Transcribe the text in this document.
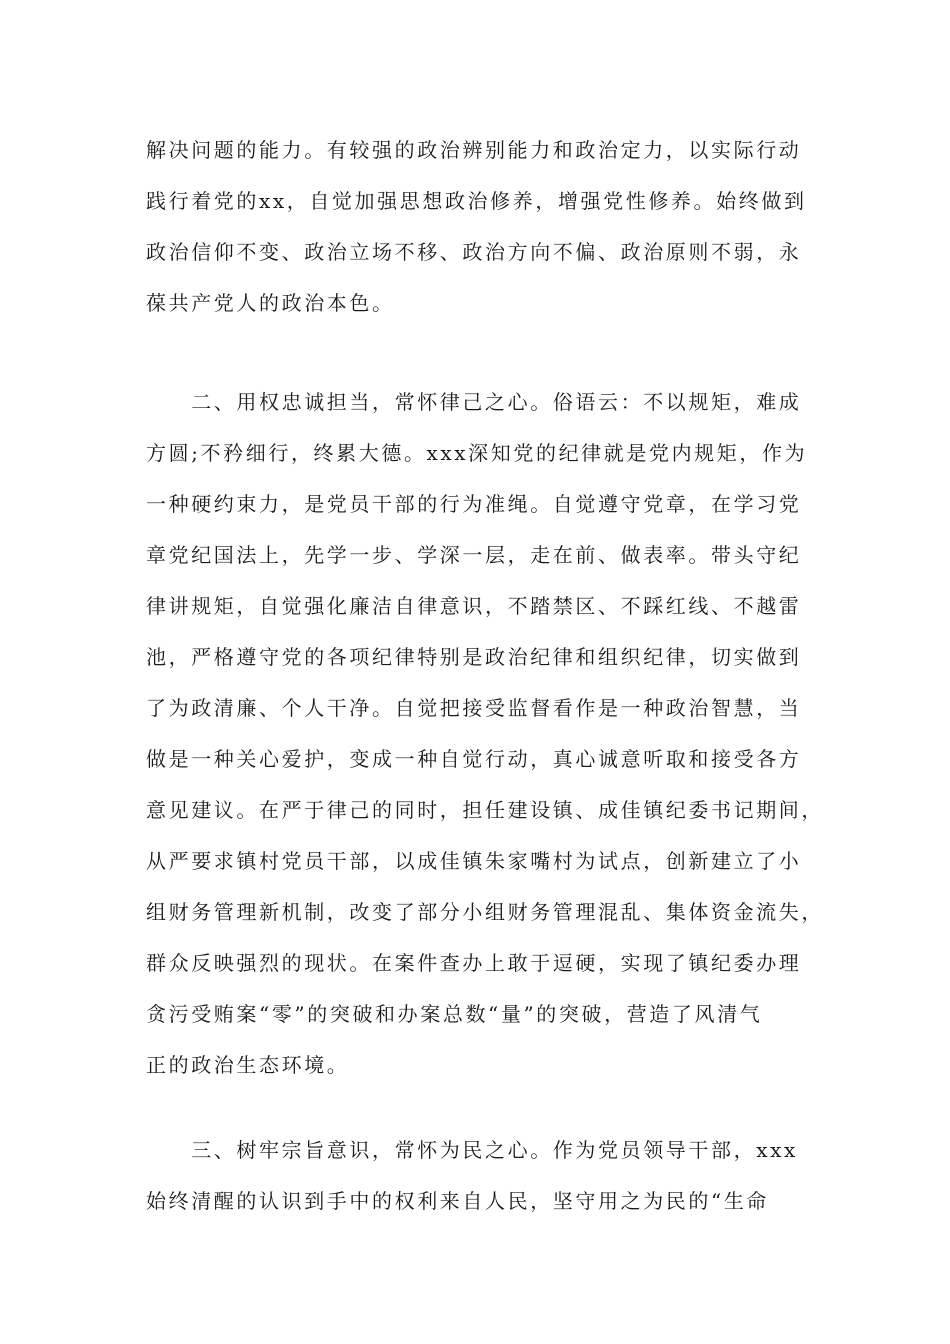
解决问题的能力。有较强的政治辨别能力和政治定力，以实际行动
践行着党的xx，自觉加强思想政治修养，增强党性修养。始终做到
政治信仰不变、政治立场不移、政治方向不偏、政治原则不弱，永
葆共产党人的政治本色。
　　二、用权忠诚担当，常怀律己之心。俗语云：不以规矩，难成
方圆;不矜细行，终累大德。xxx深知党的纪律就是党内规矩，作为
一种硬约束力，是党员干部的行为准绳。自觉遵守党章，在学习党
章党纪国法上，先学一步、学深一层，走在前、做表率。带头守纪
律讲规矩，自觉强化廉洁自律意识，不踏禁区、不踩红线、不越雷
池，严格遵守党的各项纪律特别是政治纪律和组织纪律，切实做到
了为政清廉、个人干净。自觉把接受监督看作是一种政治智慧，当
做是一种关心爱护，变成一种自觉行动，真心诚意听取和接受各方
意见建议。在严于律己的同时，担任建设镇、成佳镇纪委书记期间，
从严要求镇村党员干部，以成佳镇朱家嘴村为试点，创新建立了小
组财务管理新机制，改变了部分小组财务管理混乱、集体资金流失，
群众反映强烈的现状。在案件查办上敢于逗硬，实现了镇纪委办理
贪污受贿案“零”的突破和办案总数“量”的突破，营造了风清气
正的政治生态环境。
　　三、树牢宗旨意识，常怀为民之心。作为党员领导干部，xxx
始终清醒的认识到手中的权利来自人民，坚守用之为民的“生命
